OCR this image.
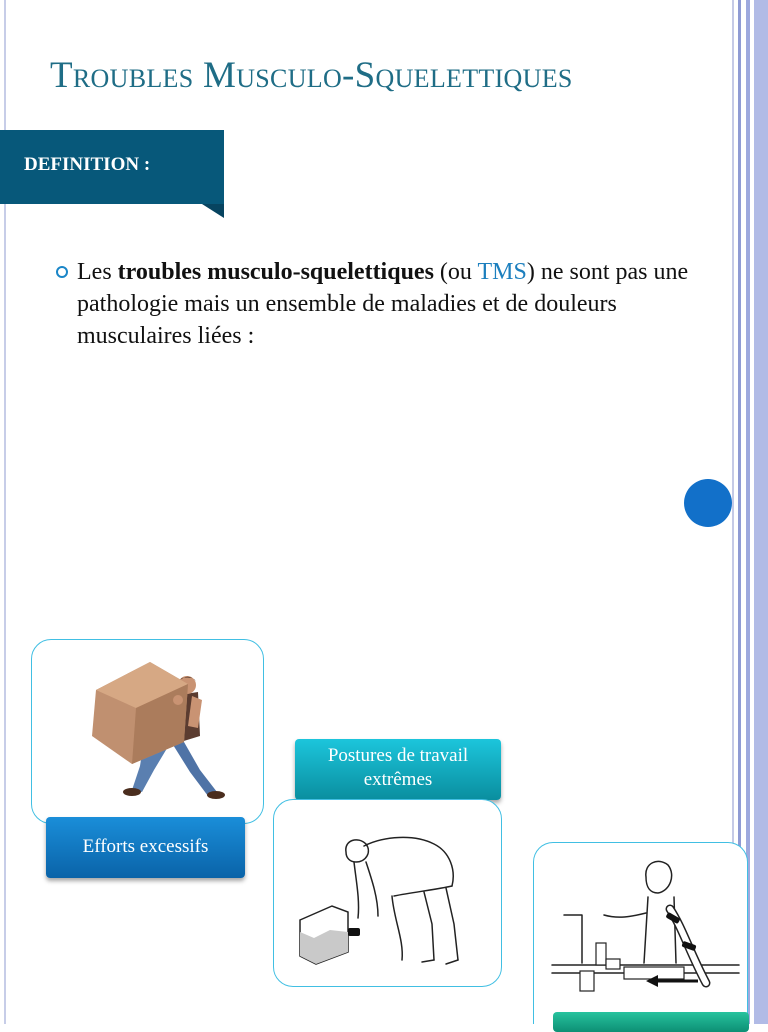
Troubles Musculo-Squelettiques
DEFINITION :

Les troubles musculo-squelettiques (ou TMS) ne sont pas une pathologie mais un ensemble de maladies et de douleurs musculaires liées :

Efforts excessifs
Postures de travail extrêmes
